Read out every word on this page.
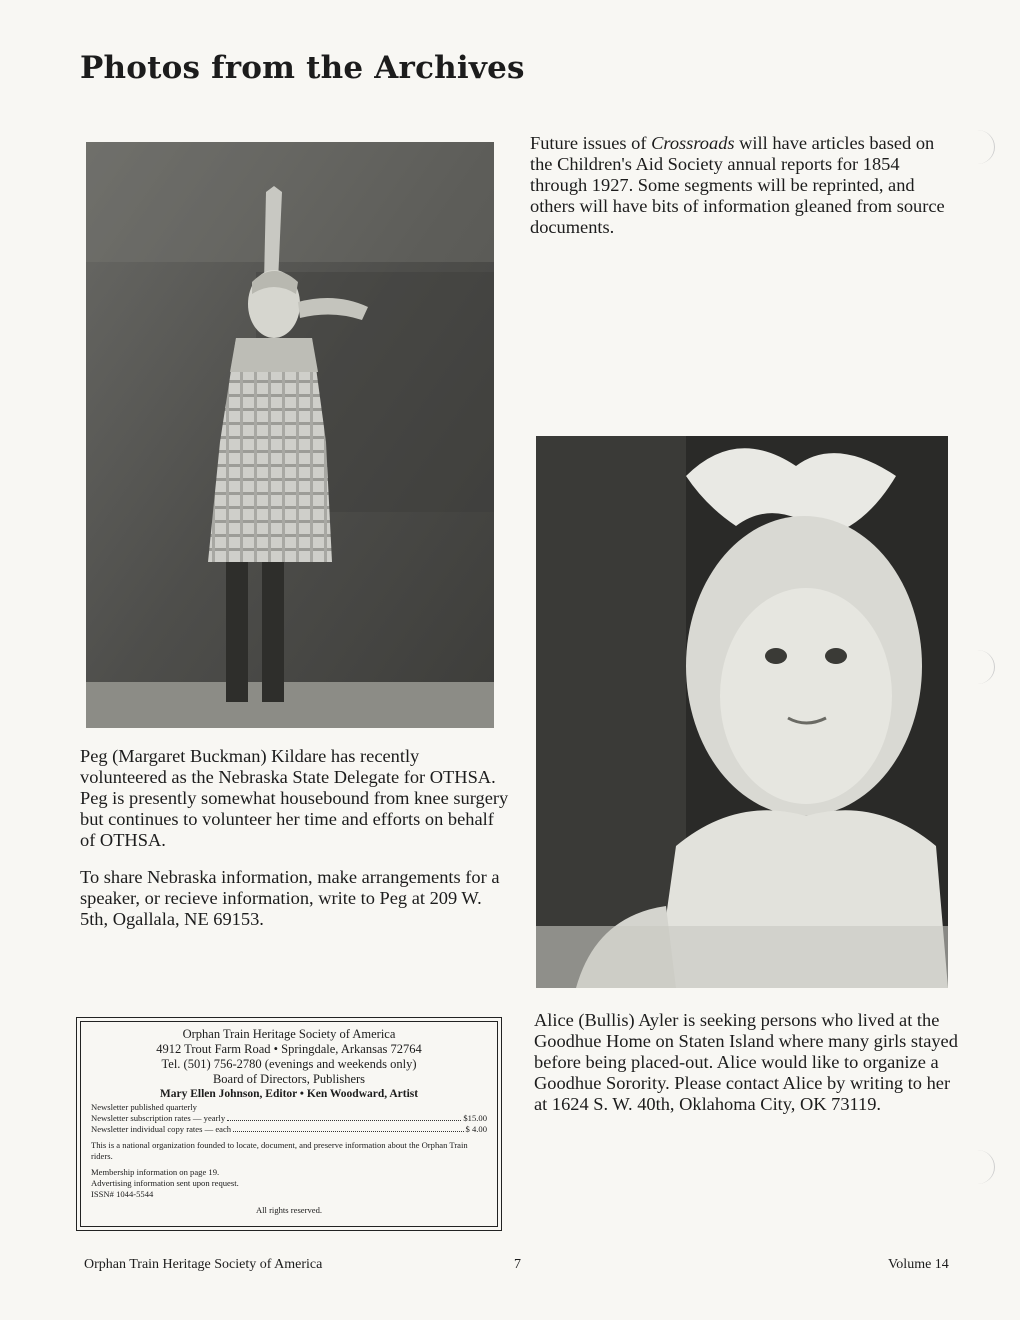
Photos from the Archives

Future issues of Crossroads will have articles based on the Children's Aid Society annual reports for 1854 through 1927. Some segments will be reprinted, and others will have bits of information gleaned from source documents.

Peg (Margaret Buckman) Kildare has recently volunteered as the Nebraska State Delegate for OTHSA. Peg is presently somewhat housebound from knee surgery but continues to volunteer her time and efforts on behalf of OTHSA.

To share Nebraska information, make arrangements for a speaker, or recieve information, write to Peg at 209 W. 5th, Ogallala, NE 69153.

Alice (Bullis) Ayler is seeking persons who lived at the Goodhue Home on Staten Island where many girls stayed before being placed-out. Alice would like to organize a Goodhue Sorority. Please contact Alice by writing to her at 1624 S. W. 40th, Oklahoma City, OK 73119.

Orphan Train Heritage Society of America
4912 Trout Farm Road • Springdale, Arkansas 72764
Tel. (501) 756-2780 (evenings and weekends only)
Board of Directors, Publishers
Mary Ellen Johnson, Editor • Ken Woodward, Artist
Newsletter published quarterly
Newsletter subscription rates — yearly	$15.00
Newsletter individual copy rates — each	$ 4.00
This is a national organization founded to locate, document, and preserve information about the Orphan Train riders.
Membership information on page 19.
Advertising information sent upon request.
ISSN# 1044-5544
All rights reserved.
Orphan Train Heritage Society of America	7	Volume 14
